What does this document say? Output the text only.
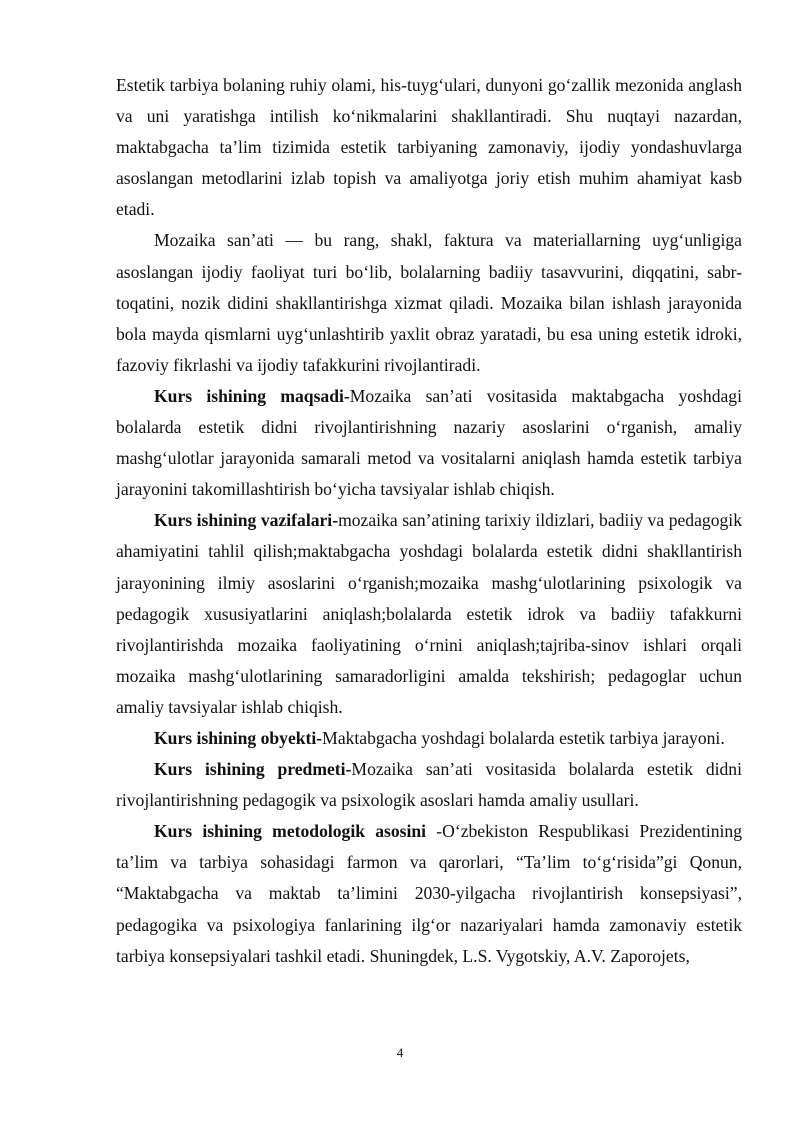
Estetik tarbiya bolaning ruhiy olami, his-tuyg‘ulari, dunyoni go‘zallik mezonida anglash va uni yaratishga intilish ko‘nikmalarini shakllantiradi. Shu nuqtayi nazardan, maktabgacha ta’lim tizimida estetik tarbiyaning zamonaviy, ijodiy yondashuvlarga asoslangan metodlarini izlab topish va amaliyotga joriy etish muhim ahamiyat kasb etadi.

Mozaika san’ati — bu rang, shakl, faktura va materiallarning uyg‘unligiga asoslangan ijodiy faoliyat turi bo‘lib, bolalarning badiiy tasavvurini, diqqatini, sabr-toqatini, nozik didini shakllantirishga xizmat qiladi. Mozaika bilan ishlash jarayonida bola mayda qismlarni uyg‘unlashtirib yaxlit obraz yaratadi, bu esa uning estetik idroki, fazoviy fikrlashi va ijodiy tafakkurini rivojlantiradi.

Kurs ishining maqsadi-Mozaika san’ati vositasida maktabgacha yoshdagi bolalarda estetik didni rivojlantirishning nazariy asoslarini o‘rganish, amaliy mashg‘ulotlar jarayonida samarali metod va vositalarni aniqlash hamda estetik tarbiya jarayonini takomillashtirish bo‘yicha tavsiyalar ishlab chiqish.

Kurs ishining vazifalari-mozaika san’atining tarixiy ildizlari, badiiy va pedagogik ahamiyatini tahlil qilish;maktabgacha yoshdagi bolalarda estetik didni shakllantirish jarayonining ilmiy asoslarini o‘rganish;mozaika mashg‘ulotlarining psixologik va pedagogik xususiyatlarini aniqlash;bolalarda estetik idrok va badiiy tafakkurni rivojlantirishda mozaika faoliyatining o‘rnini aniqlash;tajriba-sinov ishlari orqali mozaika mashg‘ulotlarining samaradorligini amalda tekshirish; pedagoglar uchun amaliy tavsiyalar ishlab chiqish.

Kurs ishining obyekti-Maktabgacha yoshdagi bolalarda estetik tarbiya jarayoni.

Kurs ishining predmeti-Mozaika san’ati vositasida bolalarda estetik didni rivojlantirishning pedagogik va psixologik asoslari hamda amaliy usullari.

Kurs ishining metodologik asosini -O‘zbekiston Respublikasi Prezidentining ta’lim va tarbiya sohasidagi farmon va qarorlari, “Ta’lim to‘g‘risida”gi Qonun, “Maktabgacha va maktab ta’limini 2030-yilgacha rivojlantirish konsepsiyasi”, pedagogika va psixologiya fanlarining ilg‘or nazariyalari hamda zamonaviy estetik tarbiya konsepsiyalari tashkil etadi. Shuningdek, L.S. Vygotskiy, A.V. Zaporojets,

4
